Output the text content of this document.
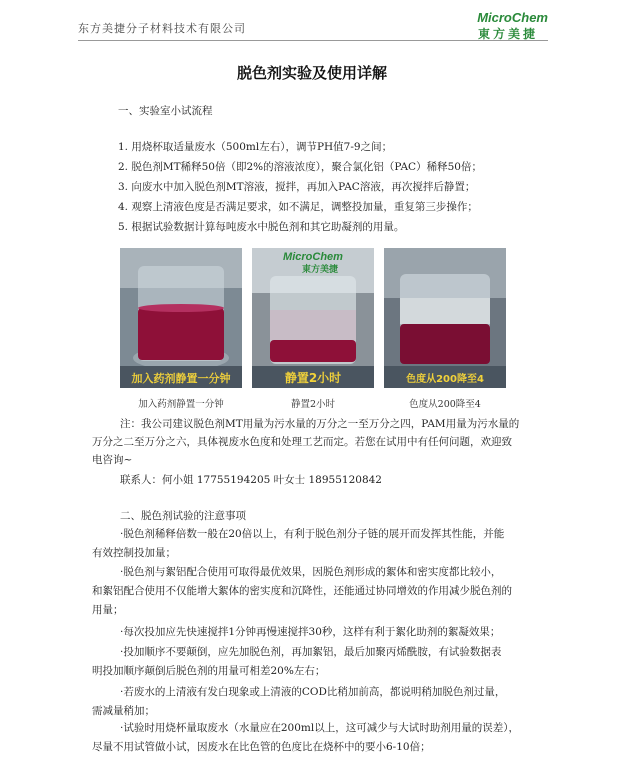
东方美捷分子材料技术有限公司
MicroChem
東方美捷
脱色剂实验及使用详解
一、实验室小试流程
1. 用烧杯取适量废水（500ml左右），调节PH值7-9之间；
2. 脱色剂MT稀释50倍（即2%的溶液浓度），聚合氯化铝（PAC）稀释50倍；
3. 向废水中加入脱色剂MT溶液，搅拌，再加入PAC溶液，再次搅拌后静置；
4. 观察上清液色度是否满足要求，如不满足，调整投加量，重复第三步操作；
5. 根据试验数据计算每吨废水中脱色剂和其它助凝剂的用量。
加入药剂静置一分钟
MicroChem
東方美捷
静置2小时	色度从200降至4
加入药剂静置一分钟	静置2小时	色度从200降至4
注：我公司建议脱色剂MT用量为污水量的万分之一至万分之四，PAM用量为污水量的
万分之二至万分之六，具体视废水色度和处理工艺而定。若您在试用中有任何问题，欢迎致
电咨询~
联系人：何小姐 17755194205 叶女士 18955120842
二、脱色剂试验的注意事项
·脱色剂稀释倍数一般在20倍以上，有利于脱色剂分子链的展开而发挥其性能，并能
有效控制投加量；
·脱色剂与絮铝配合使用可取得最优效果，因脱色剂形成的絮体和密实度都比较小，
和絮铝配合使用不仅能增大絮体的密实度和沉降性，还能通过协同增效的作用减少脱色剂的
用量；
·每次投加应先快速搅拌1分钟再慢速搅拌30秒，这样有利于絮化助剂的絮凝效果；
·投加顺序不要颠倒，应先加脱色剂，再加絮铝，最后加聚丙烯酰胺，有试验数据表
明投加顺序颠倒后脱色剂的用量可相差20%左右；
·若废水的上清液有发白现象或上清液的COD比稍加前高，都说明稍加脱色剂过量，
需减量稍加；
·试验时用烧杯量取废水（水量应在200ml以上，这可减少与大试时助剂用量的误差），
尽量不用试管做小试，因废水在比色管的色度比在烧杯中的要小6-10倍；
